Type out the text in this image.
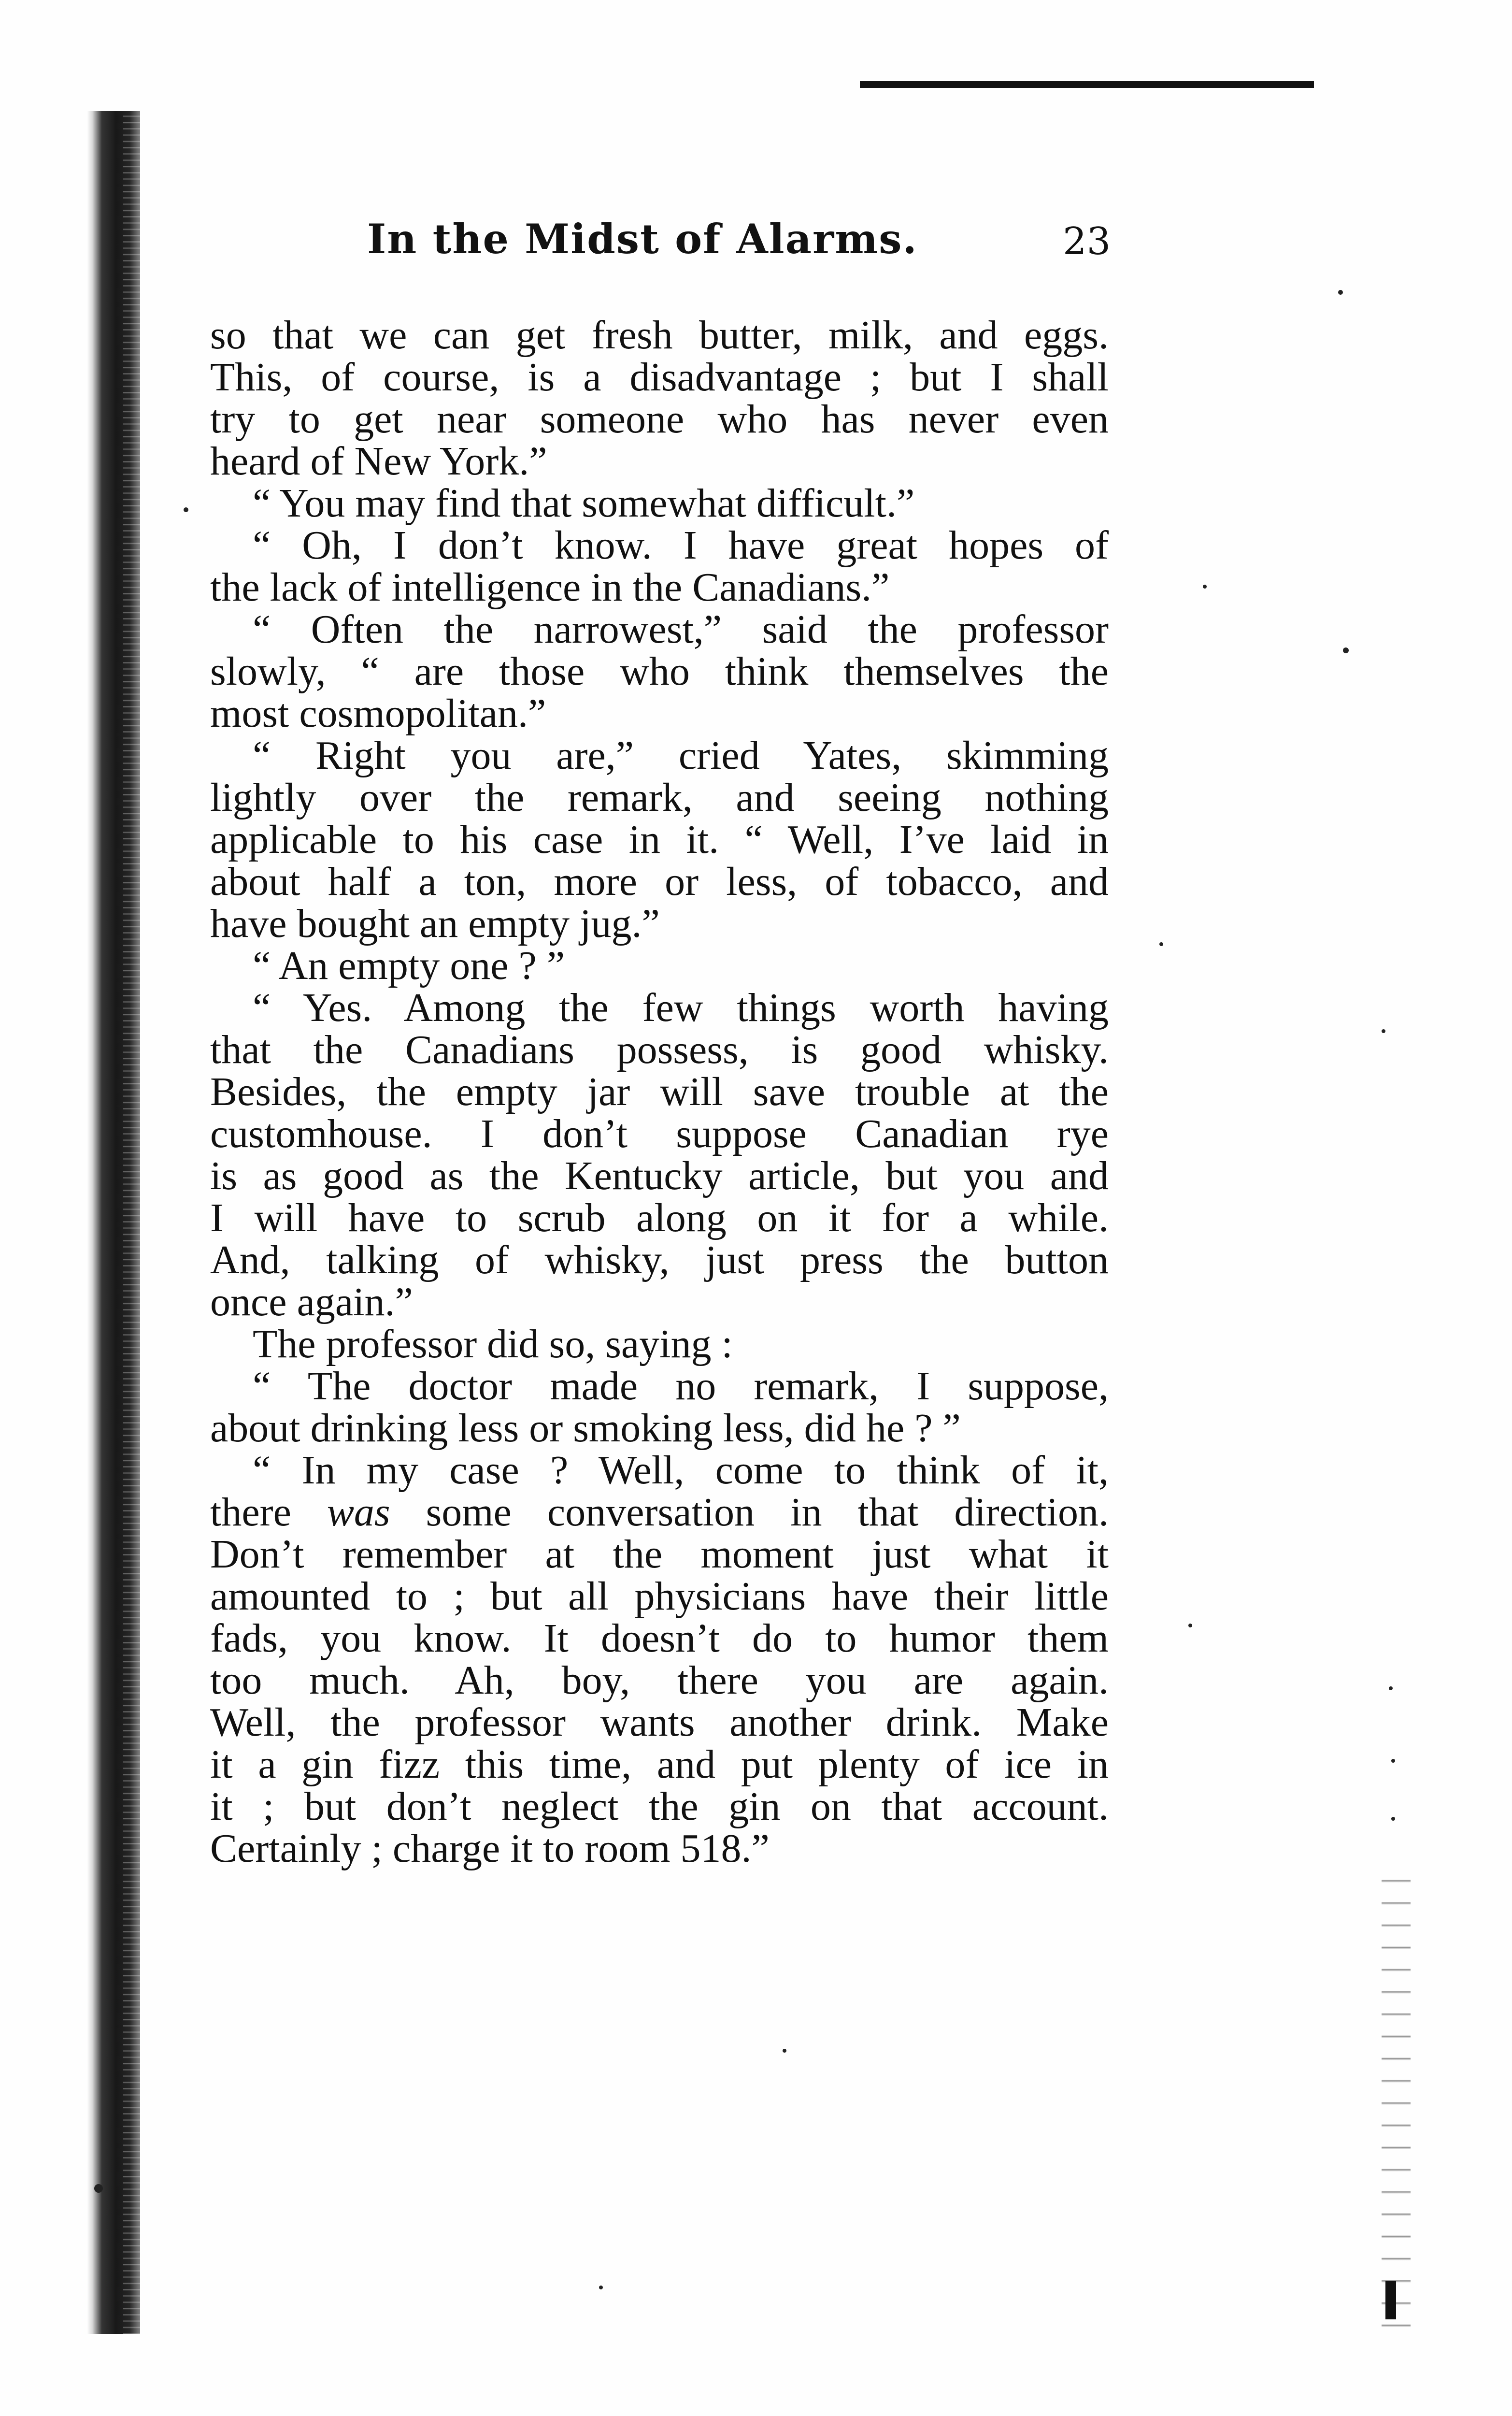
In the Midst of Alarms.	23
so that we can get fresh butter, milk, and eggs.
This, of course, is a disadvantage ; but I shall
try to get near someone who has never even
heard of New York.”
“ You may find that somewhat difficult.”
“ Oh, I don’t know. I have great hopes of
the lack of intelligence in the Canadians.”
“ Often the narrowest,” said the professor
slowly, “ are those who think themselves the
most cosmopolitan.”
“ Right you are,” cried Yates, skimming
lightly over the remark, and seeing nothing
applicable to his case in it. “ Well, I’ve laid in
about half a ton, more or less, of tobacco, and
have bought an empty jug.”
“ An empty one ? ”
“ Yes. Among the few things worth having
that the Canadians possess, is good whisky.
Besides, the empty jar will save trouble at the
customhouse. I don’t suppose Canadian rye
is as good as the Kentucky article, but you and
I will have to scrub along on it for a while.
And, talking of whisky, just press the button
once again.”
The professor did so, saying :
“ The doctor made no remark, I suppose,
about drinking less or smoking less, did he ? ”
“ In my case ? Well, come to think of it,
there was some conversation in that direction.
Don’t remember at the moment just what it
amounted to ; but all physicians have their little
fads, you know. It doesn’t do to humor them
too much. Ah, boy, there you are again.
Well, the professor wants another drink. Make
it a gin fizz this time, and put plenty of ice in
it ; but don’t neglect the gin on that account.
Certainly ; charge it to room 518.”
